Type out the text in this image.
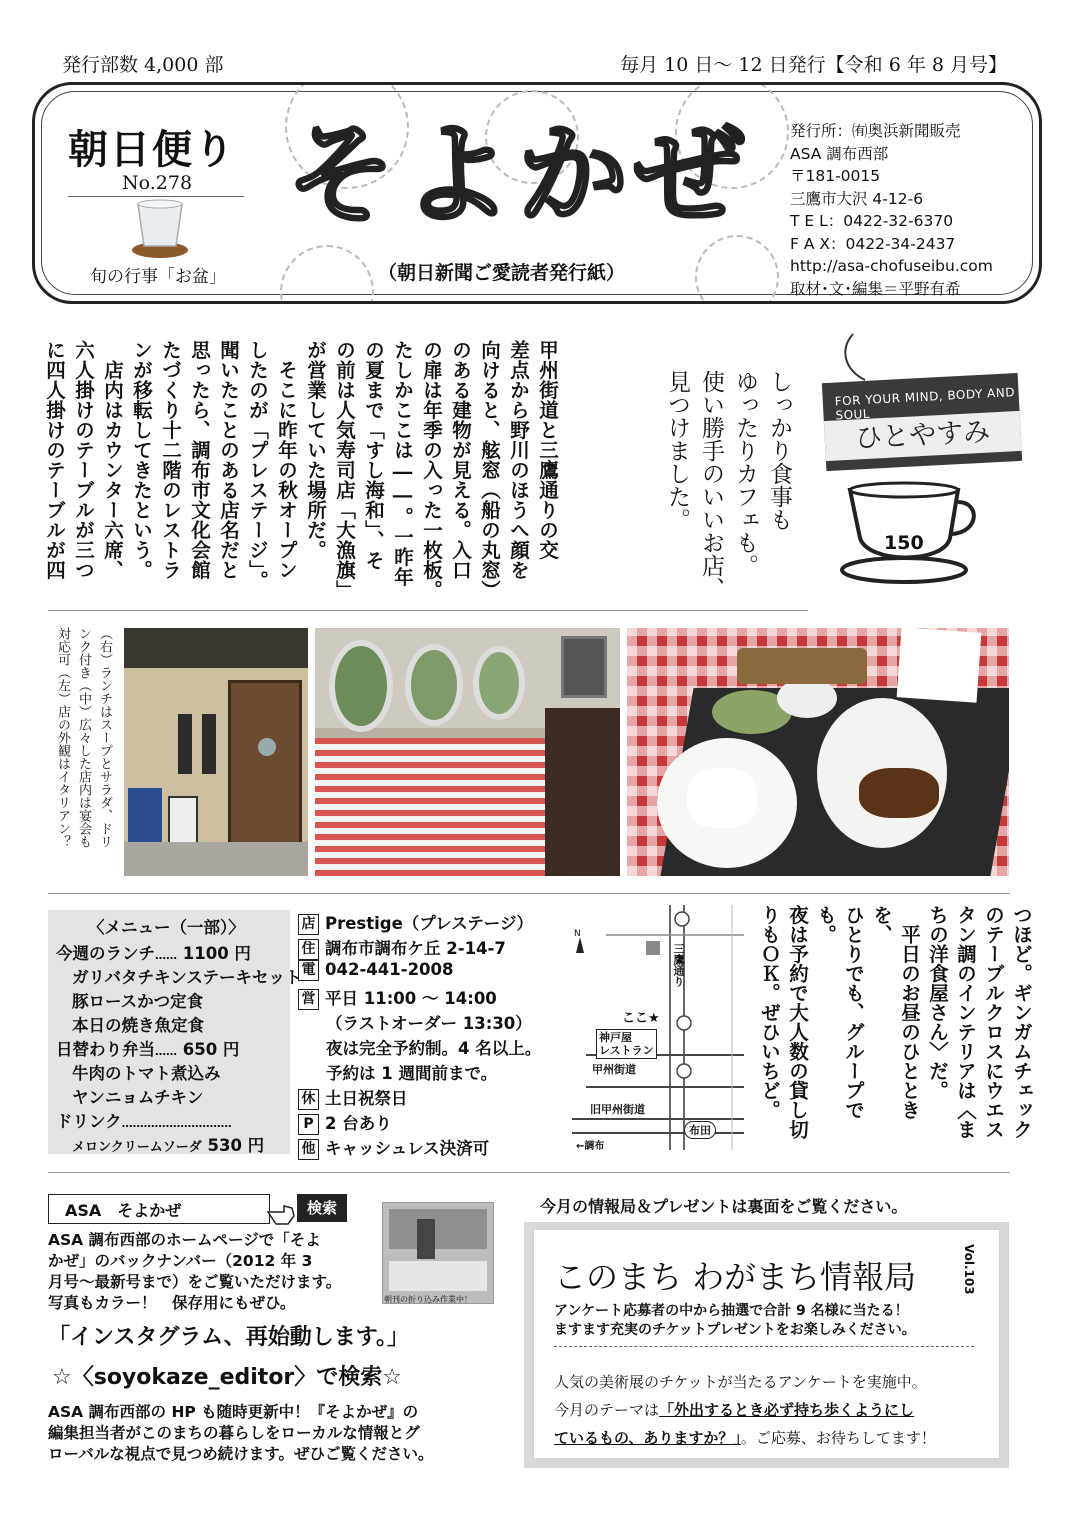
発行部数 4,000 部	毎月 10 日～ 12 日発行【令和 6 年 8 月号】
朝日便り
No.278
旬の行事「お盆」
そよかぜ
（朝日新聞ご愛読者発行紙）
発行所：㈲奥浜新聞販売
ASA 調布西部
〒181-0015
三鷹市大沢 4-12-6
T E L：0422-32-6370
F A X：0422-34-2437
http://asa-chofuseibu.com
取材･文･編集＝平野有希
甲州街道と三鷹通りの交
差点から野川のほうへ顔を
向けると、舷窓（船の丸窓）
のある建物が見える。入口
の扉は年季の入った一枚板。
たしかここは――。一昨年
の夏まで「すし海和」、そ
の前は人気寿司店「大漁旗」
が営業していた場所だ。
　そこに昨年の秋オープン
したのが「プレステージ」。
聞いたことのある店名だと
思ったら、調布市文化会館
たづくり十二階のレストラ
ンが移転してきたという。
　店内はカウンター六席、
六人掛けのテーブルが三つ
に四人掛けのテーブルが四	しっかり食事も
ゆったりカフェも。
使い勝手のいいお店、
見つけました。	FOR YOUR MIND, BODY AND SOUL
ひとやすみ
150
（右）ランチはスープとサラダ、ドリ
ンク付き（中）広々した店内は宴会も
対応可（左）店の外観はイタリアン？
〈メニュー（一部）〉
今週のランチ…… 1100 円
ガリバタチキンステーキセット
豚ロースかつ定食
本日の焼き魚定食
日替わり弁当…… 650 円
牛肉のトマト煮込み
ヤンニョムチキン
ドリンク…………………………
メロンクリームソーダ 530 円
店 Prestige（プレステージ）
住 調布市調布ケ丘 2-14-7
電 042-441-2008
営 平日 11:00 ～ 14:00
（ラストオーダー 13:30）
夜は完全予約制。4 名以上。
予約は 1 週間前まで。
休 土日祝祭日
P 2 台あり
他 キャッシュレス決済可
N
三鷹通り
ここ★
神戸屋
レストラン
甲州街道
旧甲州街道
←調布
布田	つほど。ギンガムチェック
のテーブルクロスにウエス
タン調のインテリアは〈ま
ちの洋食屋さん〉だ。
　平日のお昼のひとときを、
ひとりでも、グループでも。
夜は予約で大人数の貸し切
りもＯＫ。ぜひいちど。
ASA　そよかぜ	検索
ASA 調布西部のホームページで「そよ
かぜ」のバックナンバー（2012 年 3
月号～最新号まで）をご覧いただけます。
写真もカラー！　保存用にもぜひ。	朝刊の折り込み作業中！
「インスタグラム、再始動します。」
☆〈soyokaze_editor〉で検索☆
ASA 調布西部の HP も随時更新中！『そよかぜ』の
編集担当者がこのまちの暮らしをローカルな情報とグ
ローバルな視点で見つめ続けます。ぜひご覧ください。
今月の情報局＆プレゼントは裏面をご覧ください。
このまち わがまち情報局	Vol.103
アンケート応募者の中から抽選で合計 9 名様に当たる！
ますます充実のチケットプレゼントをお楽しみください。
人気の美術展のチケットが当たるアンケートを実施中。
今月のテーマは「外出するとき必ず持ち歩くようにし
ているもの、ありますか？」。ご応募、お待ちしてます！
